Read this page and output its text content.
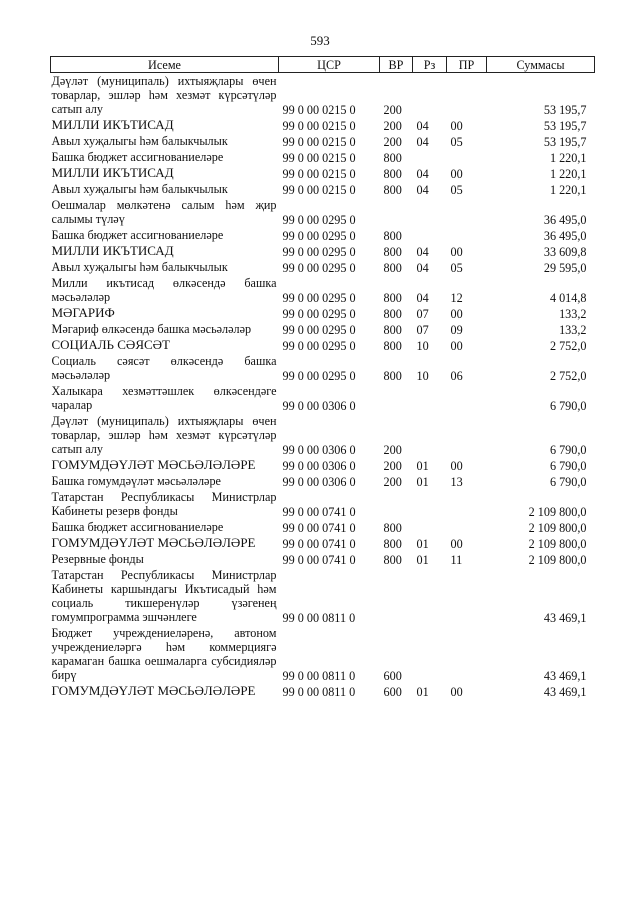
593
Исеме	ЦСР	ВР	Рз	ПР	Суммасы
Дәүләт (муниципаль) ихтыяҗлары өчен товарлар, эшләр һәм хезмәт күрсәтүләр сатып алу	99 0 00 0215 0	200			53 195,7
МИЛЛИ ИКЪТИСАД	99 0 00 0215 0	200	04	00	53 195,7
Авыл хуҗалыгы һәм балыкчылык	99 0 00 0215 0	200	04	05	53 195,7
Башка бюджет ассигнованиеләре	99 0 00 0215 0	800			1 220,1
МИЛЛИ ИКЪТИСАД	99 0 00 0215 0	800	04	00	1 220,1
Авыл хуҗалыгы һәм балыкчылык	99 0 00 0215 0	800	04	05	1 220,1
Оешмалар мөлкәтенә салым һәм җир салымы түләү	99 0 00 0295 0				36 495,0
Башка бюджет ассигнованиеләре	99 0 00 0295 0	800			36 495,0
МИЛЛИ ИКЪТИСАД	99 0 00 0295 0	800	04	00	33 609,8
Авыл хуҗалыгы һәм балыкчылык	99 0 00 0295 0	800	04	05	29 595,0
Милли икътисад өлкәсендә башка мәсьәләләр	99 0 00 0295 0	800	04	12	4 014,8
МӘГАРИФ	99 0 00 0295 0	800	07	00	133,2
Мәгариф өлкәсендә башка мәсьәләләр	99 0 00 0295 0	800	07	09	133,2
СОЦИАЛЬ СӘЯСӘТ	99 0 00 0295 0	800	10	00	2 752,0
Социаль сәясәт өлкәсендә башка мәсьәләләр	99 0 00 0295 0	800	10	06	2 752,0
Халыкара хезмәттәшлек өлкәсендәге чаралар	99 0 00 0306 0				6 790,0
Дәүләт (муниципаль) ихтыяҗлары өчен товарлар, эшләр һәм хезмәт күрсәтүләр сатып алу	99 0 00 0306 0	200			6 790,0
ГОМУМДӘҮЛӘТ МӘСЬӘЛӘЛӘРЕ	99 0 00 0306 0	200	01	00	6 790,0
Башка гомумдәүләт мәсьәләләре	99 0 00 0306 0	200	01	13	6 790,0
Татарстан Республикасы Министрлар Кабинеты резерв фонды	99 0 00 0741 0				2 109 800,0
Башка бюджет ассигнованиеләре	99 0 00 0741 0	800			2 109 800,0
ГОМУМДӘҮЛӘТ МӘСЬӘЛӘЛӘРЕ	99 0 00 0741 0	800	01	00	2 109 800,0
Резервные фонды	99 0 00 0741 0	800	01	11	2 109 800,0
Татарстан Республикасы Министрлар Кабинеты каршындагы Икътисадый һәм социаль тикшеренүләр үзәгенең гомумпрограмма эшчәнлеге	99 0 00 0811 0				43 469,1
Бюджет учреждениеләренә, автоном учреждениеләргә һәм коммерциягә карамаган башка оешмаларга субсидияләр бирү	99 0 00 0811 0	600			43 469,1
ГОМУМДӘҮЛӘТ МӘСЬӘЛӘЛӘРЕ	99 0 00 0811 0	600	01	00	43 469,1
